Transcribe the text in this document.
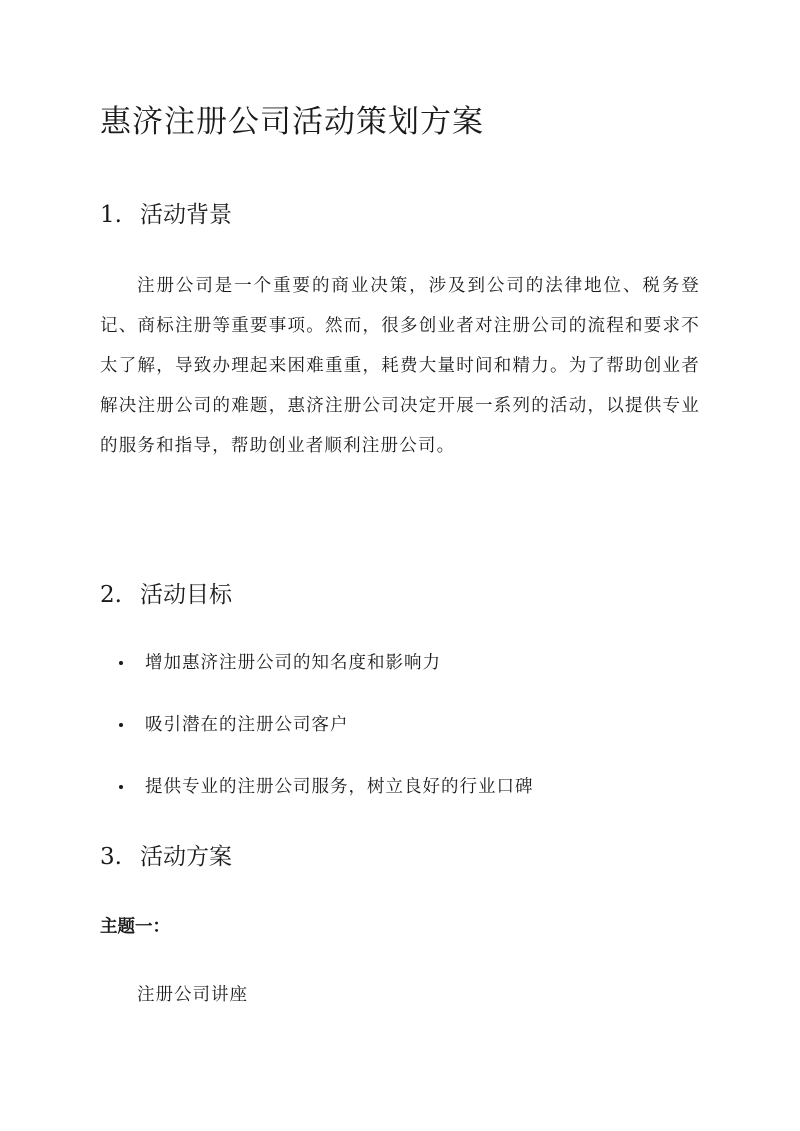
惠济注册公司活动策划方案
1. 活动背景

注册公司是一个重要的商业决策，涉及到公司的法律地位、税务登记、商标注册等重要事项。然而，很多创业者对注册公司的流程和要求不太了解，导致办理起来困难重重，耗费大量时间和精力。为了帮助创业者解决注册公司的难题，惠济注册公司决定开展一系列的活动，以提供专业的服务和指导，帮助创业者顺利注册公司。

2. 活动目标
增加惠济注册公司的知名度和影响力
吸引潜在的注册公司客户
提供专业的注册公司服务，树立良好的行业口碑
3. 活动方案
主题一：

注册公司讲座
